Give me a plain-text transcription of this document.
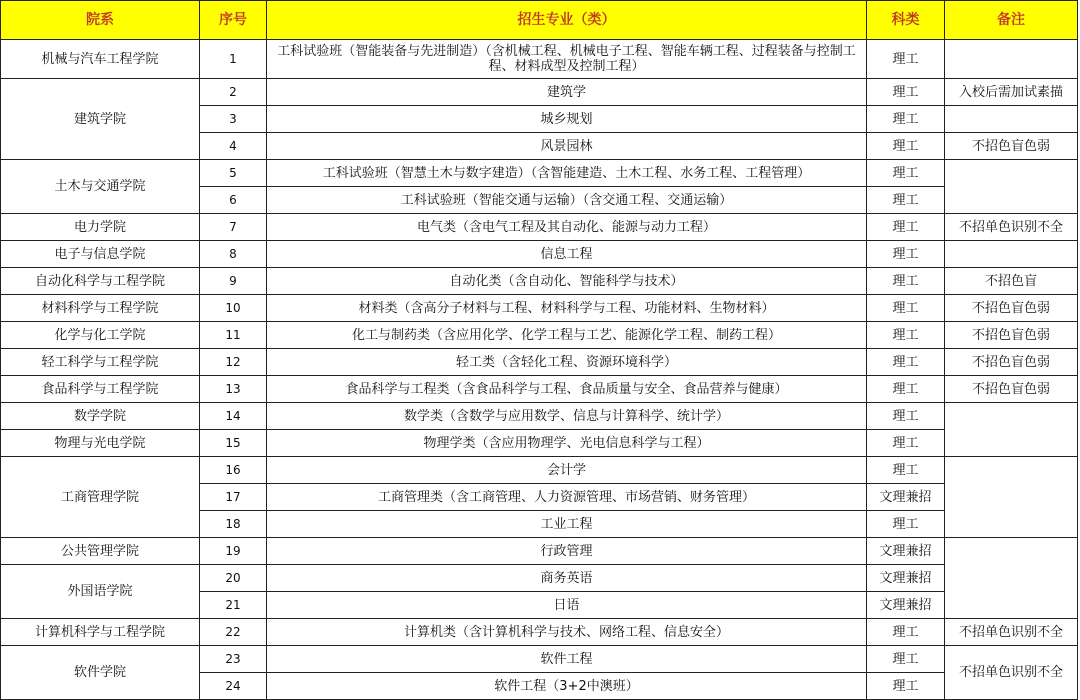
院系	序号	招生专业（类）	科类	备注
机械与汽车工程学院	1	工科试验班（智能装备与先进制造）（含机械工程、机械电子工程、智能车辆工程、过程装备与控制工程、材料成型及控制工程）	理工	
建筑学院	2	建筑学	理工	入校后需加试素描
	3	城乡规划	理工	
	4	风景园林	理工	不招色盲色弱
土木与交通学院	5	工科试验班（智慧土木与数字建造）（含智能建造、土木工程、水务工程、工程管理）	理工	
	6	工科试验班（智能交通与运输）（含交通工程、交通运输）	理工	
电力学院	7	电气类（含电气工程及其自动化、能源与动力工程）	理工	不招单色识别不全
电子与信息学院	8	信息工程	理工	
自动化科学与工程学院	9	自动化类（含自动化、智能科学与技术）	理工	不招色盲
材料科学与工程学院	10	材料类（含高分子材料与工程、材料科学与工程、功能材料、生物材料）	理工	不招色盲色弱
化学与化工学院	11	化工与制药类（含应用化学、化学工程与工艺、能源化学工程、制药工程）	理工	不招色盲色弱
轻工科学与工程学院	12	轻工类（含轻化工程、资源环境科学）	理工	不招色盲色弱
食品科学与工程学院	13	食品科学与工程类（含食品科学与工程、食品质量与安全、食品营养与健康）	理工	不招色盲色弱
数学学院	14	数学类（含数学与应用数学、信息与计算科学、统计学）	理工	
物理与光电学院	15	物理学类（含应用物理学、光电信息科学与工程）	理工	
工商管理学院	16	会计学	理工	
	17	工商管理类（含工商管理、人力资源管理、市场营销、财务管理）	文理兼招	
	18	工业工程	理工	
公共管理学院	19	行政管理	文理兼招	
外国语学院	20	商务英语	文理兼招	
	21	日语	文理兼招	
计算机科学与工程学院	22	计算机类（含计算机科学与技术、网络工程、信息安全）	理工	不招单色识别不全
软件学院	23	软件工程	理工	不招单色识别不全
	24	软件工程（3+2中澳班）	理工	
